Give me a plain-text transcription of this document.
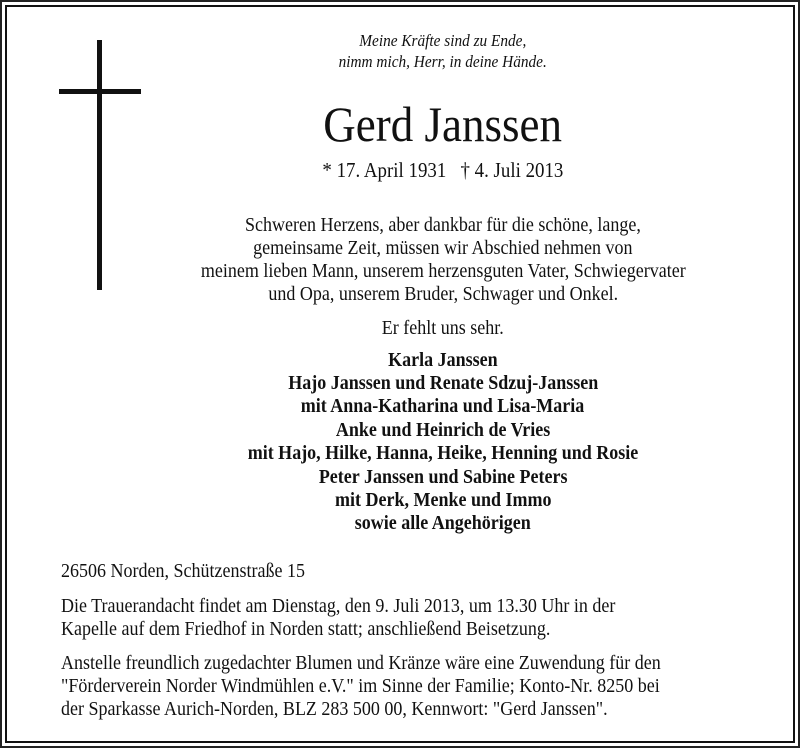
Meine Kräfte sind zu Ende,
nimm mich, Herr, in deine Hände.
Gerd Janssen
* 17. April 1931 † 4. Juli 2013
Schweren Herzens, aber dankbar für die schöne, lange,
gemeinsame Zeit, müssen wir Abschied nehmen von
meinem lieben Mann, unserem herzensguten Vater, Schwiegervater
und Opa, unserem Bruder, Schwager und Onkel.
Er fehlt uns sehr.
Karla Janssen
Hajo Janssen und Renate Sdzuj-Janssen
mit Anna-Katharina und Lisa-Maria
Anke und Heinrich de Vries
mit Hajo, Hilke, Hanna, Heike, Henning und Rosie
Peter Janssen und Sabine Peters
mit Derk, Menke und Immo
sowie alle Angehörigen
26506 Norden, Schützenstraße 15
Die Trauerandacht findet am Dienstag, den 9. Juli 2013, um 13.30 Uhr in der
Kapelle auf dem Friedhof in Norden statt; anschließend Beisetzung.
Anstelle freundlich zugedachter Blumen und Kränze wäre eine Zuwendung für den
"Förderverein Norder Windmühlen e.V." im Sinne der Familie; Konto-Nr. 8250 bei
der Sparkasse Aurich-Norden, BLZ 283 500 00, Kennwort: "Gerd Janssen".
